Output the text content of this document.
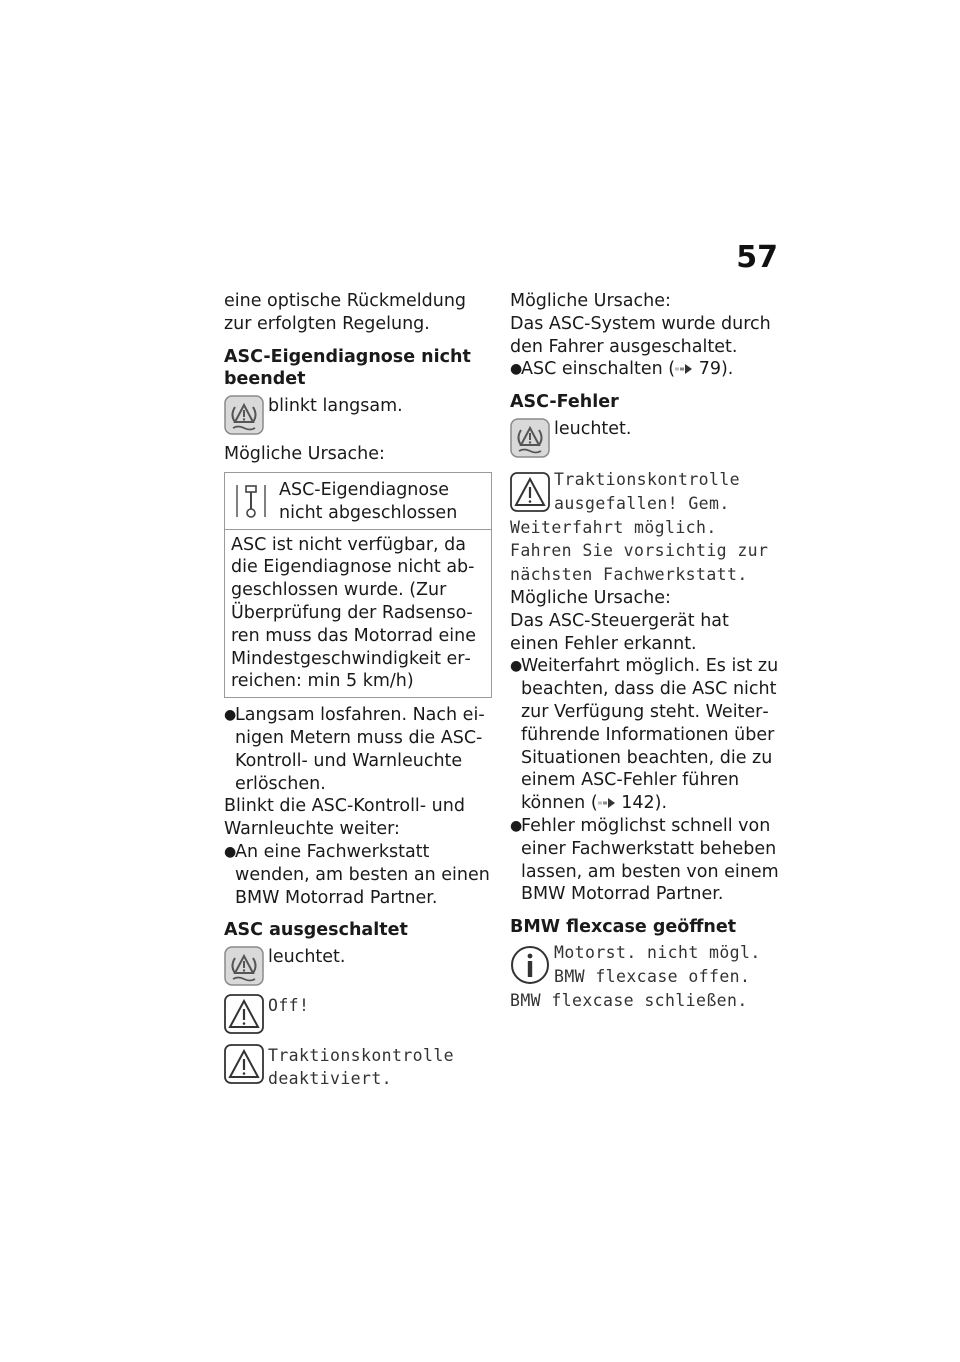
57

eine optische Rückmeldung zur erfolgten Regelung.

ASC-Eigendiagnose nicht beendet

blinkt langsam.

Mögliche Ursache:

ASC-Eigendiagnose nicht abgeschlossen
ASC ist nicht verfügbar, da die Eigendiagnose nicht abgeschlossen wurde. (Zur Überprüfung der Radsensoren muss das Motorrad eine Mindestgeschwindigkeit erreichen: min 5 km/h)
●
Langsam losfahren. Nach einigen Metern muss die ASC-Kontroll- und Warnleuchte erlöschen.

Blinkt die ASC-Kontroll- und Warnleuchte weiter:

●
An eine Fachwerkstatt wenden, am besten an einen BMW Motorrad Partner.

ASC ausgeschaltet

leuchtet.
Off!
Traktionskontrolle deaktiviert.

Mögliche Ursache:

Das ASC-System wurde durch den Fahrer ausgeschaltet.

●
ASC einschalten ( 79).

ASC-Fehler

leuchtet.
Traktionskontrolle ausgefallen! Gem. Weiterfahrt möglich. Fahren Sie vorsichtig zur nächsten Fachwerkstatt.

Mögliche Ursache:

Das ASC-Steuergerät hat einen Fehler erkannt.

●
Weiterfahrt möglich. Es ist zu beachten, dass die ASC nicht zur Verfügung steht. Weiterführende Informationen über Situationen beachten, die zu einem ASC-Fehler führen können ( 142).
●
Fehler möglichst schnell von einer Fachwerkstatt beheben lassen, am besten von einem BMW Motorrad Partner.

BMW flexcase geöffnet

Motorst. nicht mögl. BMW flexcase offen. BMW flexcase schließen.
